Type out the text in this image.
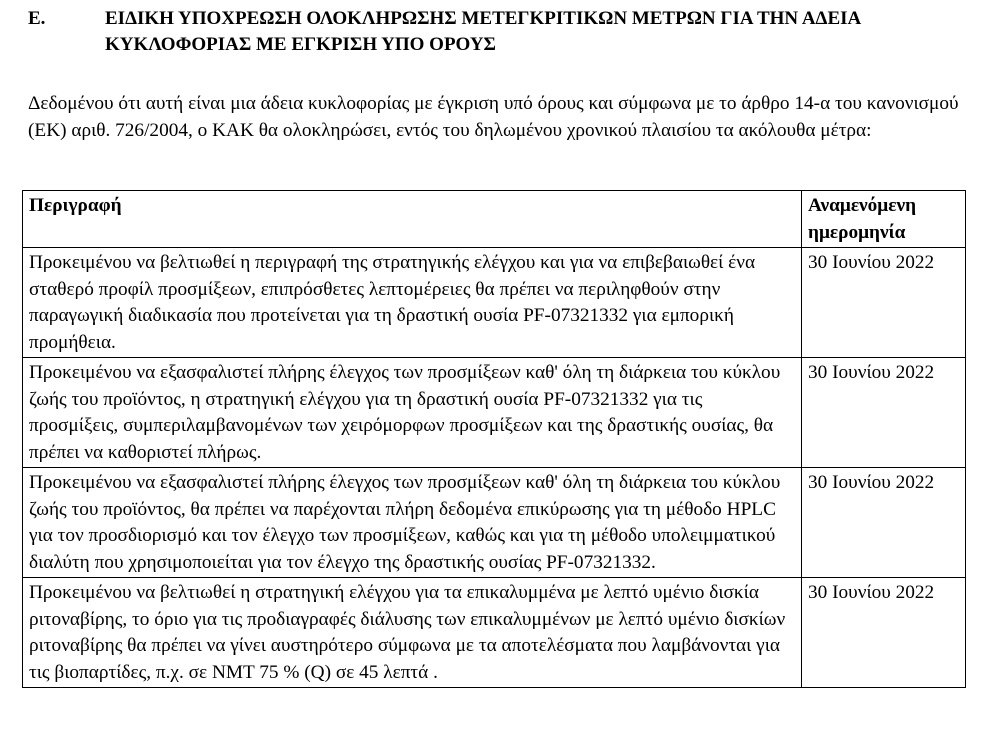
E.	ΕΙΔΙΚΗ ΥΠΟΧΡΕΩΣΗ ΟΛΟΚΛΗΡΩΣΗΣ ΜΕΤΕΓΚΡΙΤΙΚΩΝ ΜΕΤΡΩΝ ΓΙΑ ΤΗΝ ΑΔΕΙΑ ΚΥΚΛΟΦΟΡΙΑΣ ΜΕ ΕΓΚΡΙΣΗ ΥΠΟ ΟΡΟΥΣ
Δεδομένου ότι αυτή είναι μια άδεια κυκλοφορίας με έγκριση υπό όρους και σύμφωνα με το άρθρο 14-α του κανονισμού (ΕΚ) αριθ. 726/2004, ο ΚΑΚ θα ολοκληρώσει, εντός του δηλωμένου χρονικού πλαισίου τα ακόλουθα μέτρα:
Περιγραφή	Αναμενόμενη ημερομηνία
Προκειμένου να βελτιωθεί η περιγραφή της στρατηγικής ελέγχου και για να επιβεβαιωθεί ένα σταθερό προφίλ προσμίξεων, επιπρόσθετες λεπτομέρειες θα πρέπει να περιληφθούν στην παραγωγική διαδικασία που προτείνεται για τη δραστική ουσία PF-07321332 για εμπορική προμήθεια.	30 Ιουνίου 2022
Προκειμένου να εξασφαλιστεί πλήρης έλεγχος των προσμίξεων καθ' όλη τη διάρκεια του κύκλου ζωής του προϊόντος, η στρατηγική ελέγχου για τη δραστική ουσία PF-07321332 για τις προσμίξεις, συμπεριλαμβανομένων των χειρόμορφων προσμίξεων και της δραστικής ουσίας, θα πρέπει να καθοριστεί πλήρως.	30 Ιουνίου 2022
Προκειμένου να εξασφαλιστεί πλήρης έλεγχος των προσμίξεων καθ' όλη τη διάρκεια του κύκλου ζωής του προϊόντος, θα πρέπει να παρέχονται πλήρη δεδομένα επικύρωσης για τη μέθοδο HPLC για τον προσδιορισμό και τον έλεγχο των προσμίξεων, καθώς και για τη μέθοδο υπολειμματικού διαλύτη που χρησιμοποιείται για τον έλεγχο της δραστικής ουσίας PF-07321332.	30 Ιουνίου 2022
Προκειμένου να βελτιωθεί η στρατηγική ελέγχου για τα επικαλυμμένα με λεπτό υμένιο δισκία ριτοναβίρης, το όριο για τις προδιαγραφές διάλυσης των επικαλυμμένων με λεπτό υμένιο δισκίων ριτοναβίρης θα πρέπει να γίνει αυστηρότερο σύμφωνα με τα αποτελέσματα που λαμβάνονται για τις βιοπαρτίδες, π.χ. σε NMT 75 % (Q) σε 45 λεπτά .	30 Ιουνίου 2022
